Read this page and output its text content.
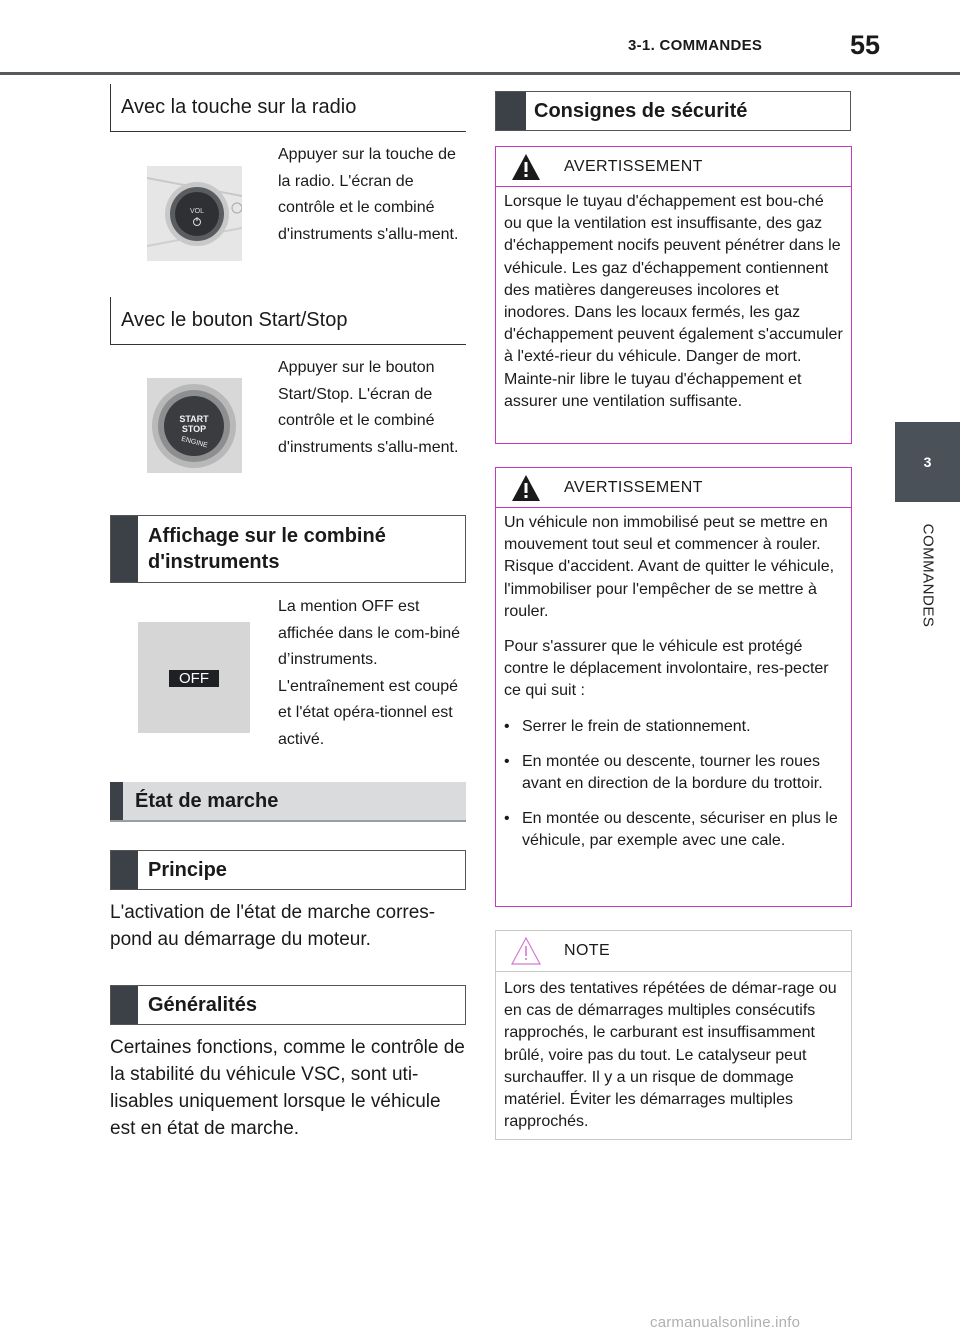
3-1. COMMANDES	55
3
COMMANDES
Avec la touche sur la radio
VOL
Appuyer sur la touche de la radio. L'écran de contrôle et le combiné d'instruments s'allu-ment.
Avec le bouton Start/Stop
START
STOP
ENGINE
Appuyer sur le bouton Start/Stop. L'écran de contrôle et le combiné d'instruments s'allu-ment.
Affichage sur le combiné d'instruments
OFF
La mention OFF est affichée dans le com-biné d’instruments. L'entraînement est coupé et l'état opéra-tionnel est activé.
État de marche
Principe
L'activation de l'état de marche corres-pond au démarrage du moteur.
Généralités
Certaines fonctions, comme le contrôle de la stabilité du véhicule VSC, sont uti-lisables uniquement lorsque le véhicule est en état de marche.
Consignes de sécurité
AVERTISSEMENT

Lorsque le tuyau d'échappement est bou-ché ou que la ventilation est insuffisante, des gaz d'échappement nocifs peuvent pénétrer dans le véhicule. Les gaz d'échappement contiennent des matières dangereuses incolores et inodores. Dans les locaux fermés, les gaz d'échappement peuvent également s'accumuler à l'exté-rieur du véhicule. Danger de mort. Mainte-nir libre le tuyau d'échappement et assurer une ventilation suffisante.

AVERTISSEMENT

Un véhicule non immobilisé peut se mettre en mouvement tout seul et commencer à rouler. Risque d'accident. Avant de quitter le véhicule, l'immobiliser pour l'empêcher de se mettre à rouler.

Pour s'assurer que le véhicule est protégé contre le déplacement involontaire, res-pecter ce qui suit :

• Serrer le frein de stationnement.

• En montée ou descente, tourner les roues avant en direction de la bordure du trottoir.

• En montée ou descente, sécuriser en plus le véhicule, par exemple avec une cale.

NOTE
Lors des tentatives répétées de démar-rage ou en cas de démarrages multiples consécutifs rapprochés, le carburant est insuffisamment brûlé, voire pas du tout. Le catalyseur peut surchauffer. Il y a un risque de dommage matériel. Éviter les démarrages multiples rapprochés.
carmanualsonline.info
